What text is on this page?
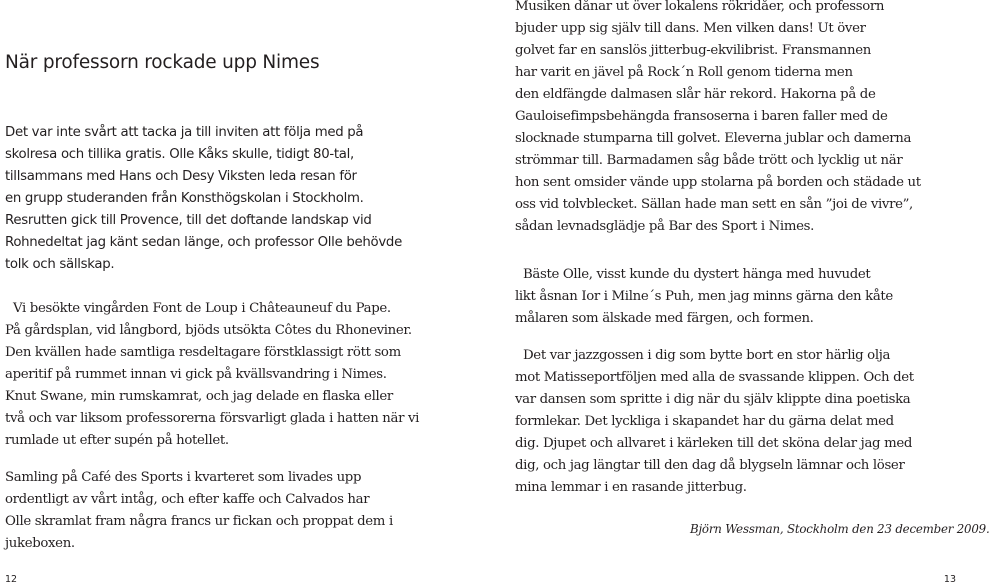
När professorn rockade upp Nimes

Det var inte svårt att tacka ja till inviten att följa med på
skolresa och tillika gratis. Olle Kåks skulle, tidigt 80-tal,
tillsammans med Hans och Desy Viksten leda resan för
en grupp studeranden från Konsthögskolan i Stockholm.
Resrutten gick till Provence, till det doftande landskap vid
Rohnedeltat jag känt sedan länge, och professor Olle behövde
tolk och sällskap.

Vi besökte vingården Font de Loup i Châteauneuf du Pape.
På gårdsplan, vid långbord, bjöds utsökta Côtes du Rhoneviner.
Den kvällen hade samtliga resdeltagare förstklassigt rött som
aperitif på rummet innan vi gick på kvällsvandring i Nimes.
Knut Swane, min rumskamrat, och jag delade en flaska eller
två och var liksom professorerna försvarligt glada i hatten när vi
rumlade ut efter supén på hotellet.

Samling på Café des Sports i kvarteret som livades upp
ordentligt av vårt intåg, och efter kaffe och Calvados har
Olle skramlat fram några francs ur fickan och proppat dem i
jukeboxen.

12

Musiken dånar ut över lokalens rökridåer, och professorn
bjuder upp sig själv till dans. Men vilken dans! Ut över
golvet far en sanslös jitterbug-ekvilibrist. Fransmannen
har varit en jävel på Rock´n Roll genom tiderna men
den eldfängde dalmasen slår här rekord. Hakorna på de
Gauloisefimpsbehängda fransoserna i baren faller med de
slocknade stumparna till golvet. Eleverna jublar och damerna
strömmar till. Barmadamen såg både trött och lycklig ut när
hon sent omsider vände upp stolarna på borden och städade ut
oss vid tolvblecket. Sällan hade man sett en sån ”joi de vivre”,
sådan levnadsglädje på Bar des Sport i Nimes.

Bäste Olle, visst kunde du dystert hänga med huvudet
likt åsnan Ior i Milne´s Puh, men jag minns gärna den kåte
målaren som älskade med färgen, och formen.

Det var jazzgossen i dig som bytte bort en stor härlig olja
mot Matisseportföljen med alla de svassande klippen. Och det
var dansen som spritte i dig när du själv klippte dina poetiska
formlekar. Det lyckliga i skapandet har du gärna delat med
dig. Djupet och allvaret i kärleken till det sköna delar jag med
dig, och jag längtar till den dag då blygseln lämnar och löser
mina lemmar i en rasande jitterbug.

Björn Wessman, Stockholm den 23 december 2009.

13
